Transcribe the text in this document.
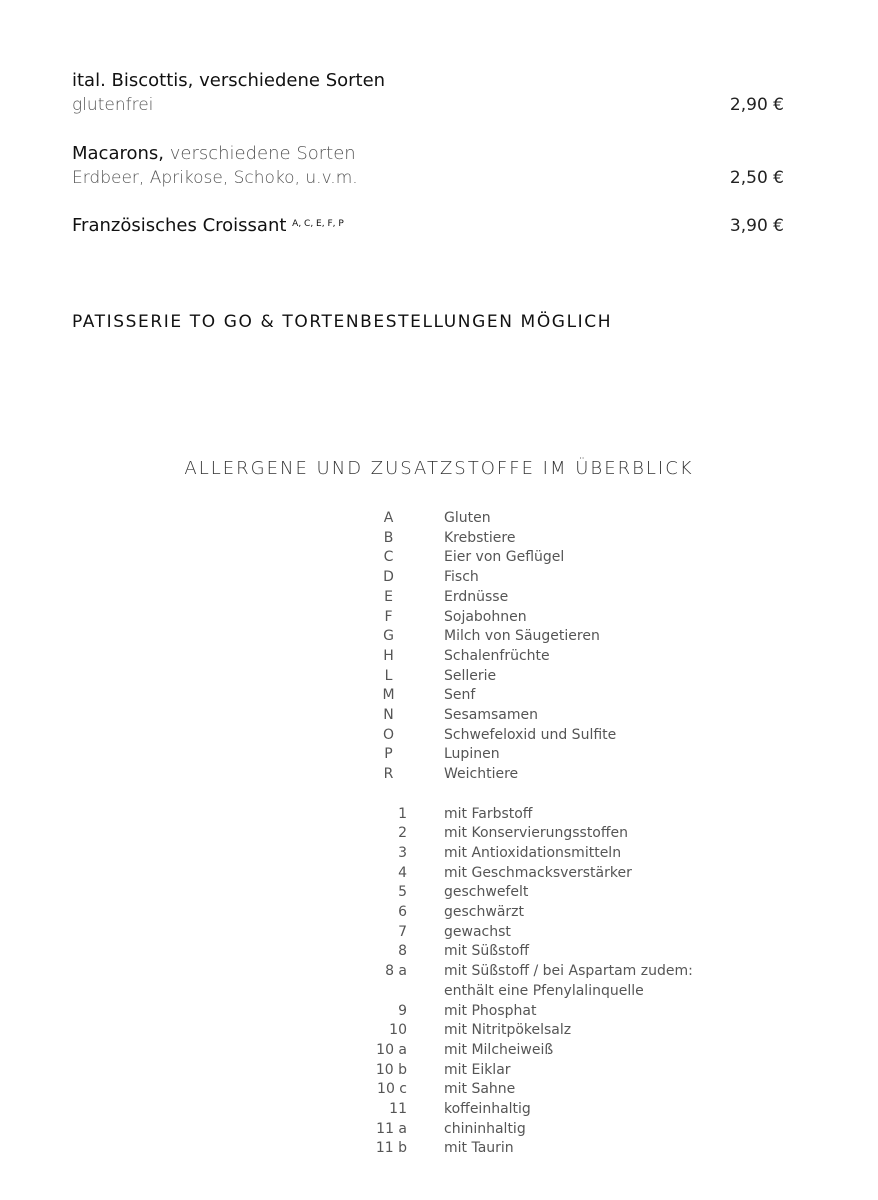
ital. Biscottis, verschiedene Sorten
glutenfrei	2,90 €
Macarons, verschiedene Sorten
Erdbeer, Aprikose, Schoko, u.v.m.	2,50 €
Französisches Croissant $^{A, C, E, F, P}$	3,90 €
PATISSERIE TO GO & TORTENBESTELLUNGEN MÖGLICH
ALLERGENE UND ZUSATZSTOFFE IM ÜBERBLICK
A	Gluten
B	Krebstiere
C	Eier von Geflügel
D	Fisch
E	Erdnüsse
F	Sojabohnen
G	Milch von Säugetieren
H	Schalenfrüchte
L	Sellerie
M	Senf
N	Sesamsamen
O	Schwefeloxid und Sulfite
P	Lupinen
R	Weichtiere
1	mit Farbstoff
2	mit Konservierungsstoffen
3	mit Antioxidationsmitteln
4	mit Geschmacksverstärker
5	geschwefelt
6	geschwärzt
7	gewachst
8	mit Süßstoff
8 a	mit Süßstoff / bei Aspartam zudem:
enthält eine Pfenylalinquelle
9	mit Phosphat
10	mit Nitritpökelsalz
10 a	mit Milcheiweiß
10 b	mit Eiklar
10 c	mit Sahne
11	koffeinhaltig
11 a	chininhaltig
11 b	mit Taurin
